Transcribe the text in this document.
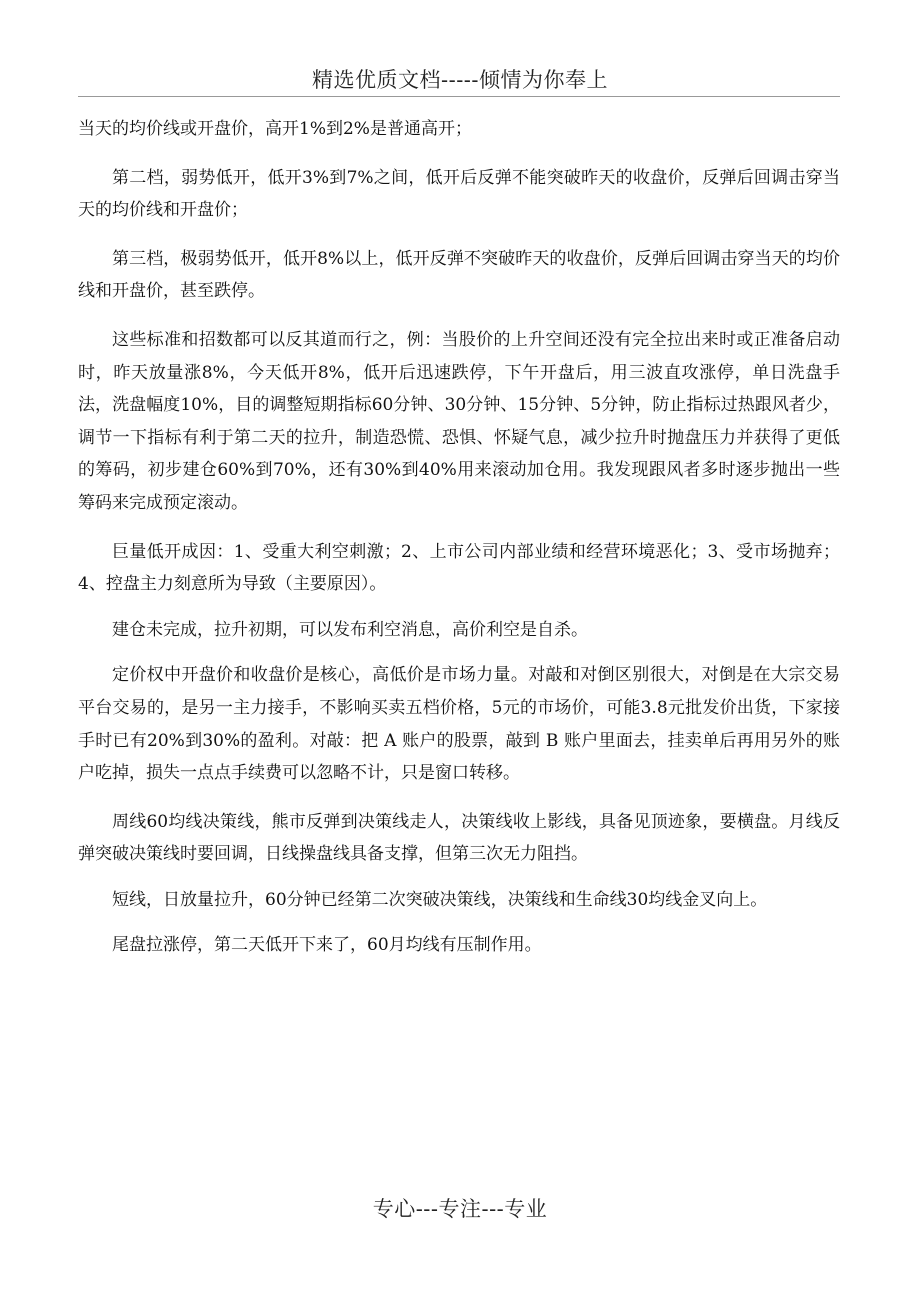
精选优质文档-----倾情为你奉上

当天的均价线或开盘价，高开1%到2%是普通高开；

第二档，弱势低开，低开3%到7%之间，低开后反弹不能突破昨天的收盘价，反弹后回调击穿当天的均价线和开盘价；

第三档，极弱势低开，低开8%以上，低开反弹不突破昨天的收盘价，反弹后回调击穿当天的均价线和开盘价，甚至跌停。

这些标准和招数都可以反其道而行之，例：当股价的上升空间还没有完全拉出来时或正准备启动时，昨天放量涨8%，今天低开8%，低开后迅速跌停，下午开盘后，用三波直攻涨停，单日洗盘手法，洗盘幅度10%，目的调整短期指标60分钟、30分钟、15分钟、5分钟，防止指标过热跟风者少，调节一下指标有利于第二天的拉升，制造恐慌、恐惧、怀疑气息，减少拉升时抛盘压力并获得了更低的筹码，初步建仓60%到70%，还有30%到40%用来滚动加仓用。我发现跟风者多时逐步抛出一些筹码来完成预定滚动。

巨量低开成因：1、受重大利空刺激；2、上市公司内部业绩和经营环境恶化；3、受市场抛弃；4、控盘主力刻意所为导致（主要原因）。

建仓未完成，拉升初期，可以发布利空消息，高价利空是自杀。

定价权中开盘价和收盘价是核心，高低价是市场力量。对敲和对倒区别很大，对倒是在大宗交易平台交易的，是另一主力接手，不影响买卖五档价格，5元的市场价，可能3.8元批发价出货，下家接手时已有20%到30%的盈利。对敲：把 A 账户的股票，敲到 B 账户里面去，挂卖单后再用另外的账户吃掉，损失一点点手续费可以忽略不计，只是窗口转移。

周线60均线决策线，熊市反弹到决策线走人，决策线收上影线，具备见顶迹象，要横盘。月线反弹突破决策线时要回调，日线操盘线具备支撑，但第三次无力阻挡。

短线，日放量拉升，60分钟已经第二次突破决策线，决策线和生命线30均线金叉向上。

尾盘拉涨停，第二天低开下来了，60月均线有压制作用。

专心---专注---专业
